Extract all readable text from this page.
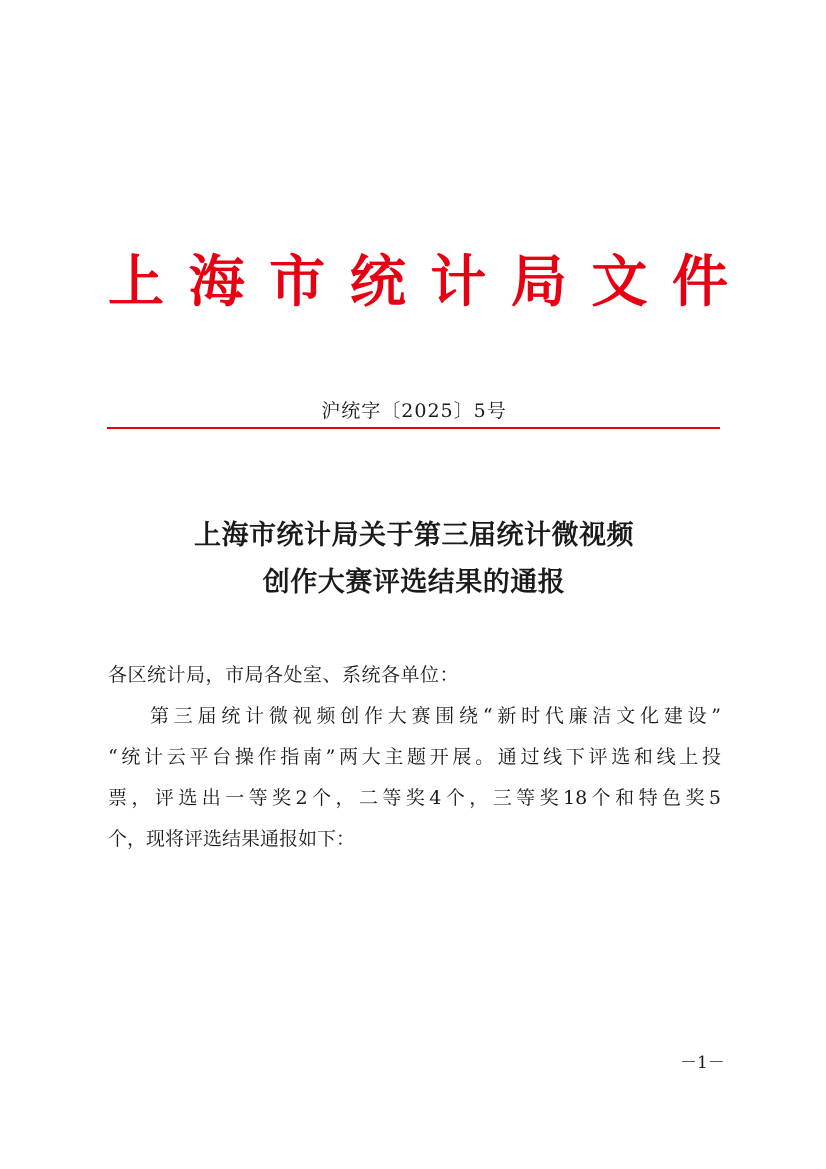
上海市统计局文件
沪统字〔2025〕5号
上海市统计局关于第三届统计微视频
创作大赛评选结果的通报
各区统计局，市局各处室、系统各单位：
第三届统计微视频创作大赛围绕“新时代廉洁文化建设”
“统计云平台操作指南”两大主题开展。通过线下评选和线上投
票，评选出一等奖2个，二等奖4个，三等奖18个和特色奖5
个，现将评选结果通报如下：
－1－
